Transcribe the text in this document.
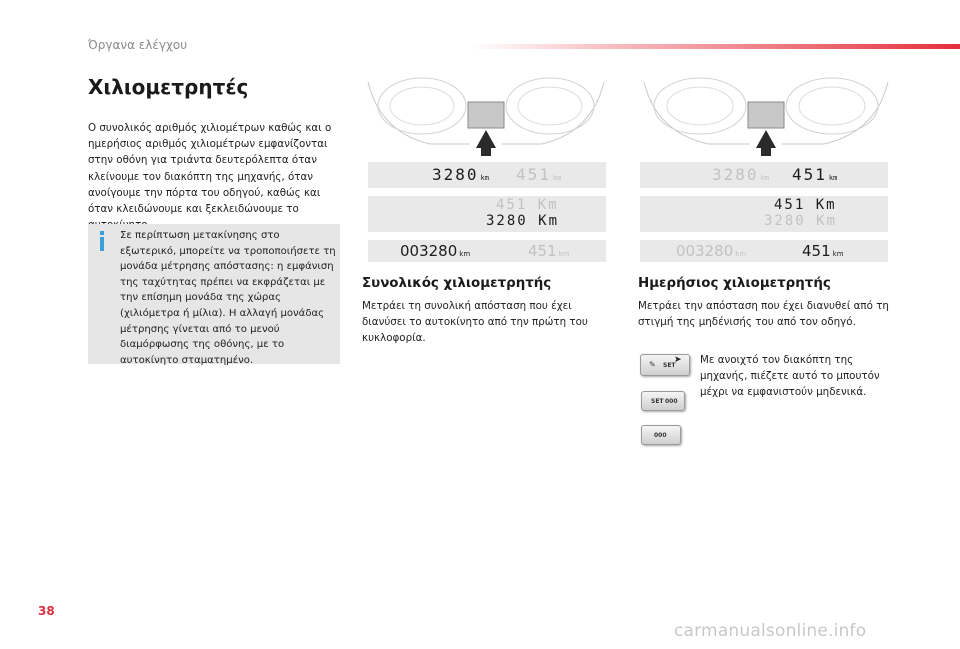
Όργανα ελέγχου
Χιλιομετρητές

Ο συνολικός αριθμός χιλιομέτρων καθώς και ο ημερήσιος αριθμός χιλιομέτρων εμφανίζονται στην οθόνη για τριάντα δευτερόλεπτα όταν κλείνουμε τον διακόπτη της μηχανής, όταν ανοίγουμε την πόρτα του οδηγού, καθώς και όταν κλειδώνουμε και ξεκλειδώνουμε το

Σε περίπτωση μετακίνησης στο εξωτερικό, μπορείτε να τροποποιήσετε τη μονάδα μέτρησης απόστασης: η εμφάνιση της ταχύτητας πρέπει να εκφράζεται με την επίσημη μονάδα της χώρας (χιλιόμετρα ή μίλια). Η αλλαγή μονάδας μέτρησης γίνεται από το μενού διαμόρφωσης της οθόνης, με το αυτοκίνητο σταματημένο.

3280 km 451 km
451 Km
3280 Km
003280 km	451 km
3280 km 451 km
451 Km
3280 Km
003280 km	451 km
Συνολικός χιλιομετρητής

Μετράει τη συνολική απόσταση που έχει διανύσει το αυτοκίνητο από την πρώτη του κυκλοφορία.

Ημερήσιος χιλιομετρητής

Μετράει την απόσταση που έχει διανυθεί από τη στιγμή της μηδένισής του από τον οδηγό.

✎ SET
SET 000
000
➤ Με ανοιχτό τον διακόπτη της μηχανής, πιέζετε αυτό το μπουτόν μέχρι να εμφανιστούν μηδενικά.

38
carmanualsonline.info
